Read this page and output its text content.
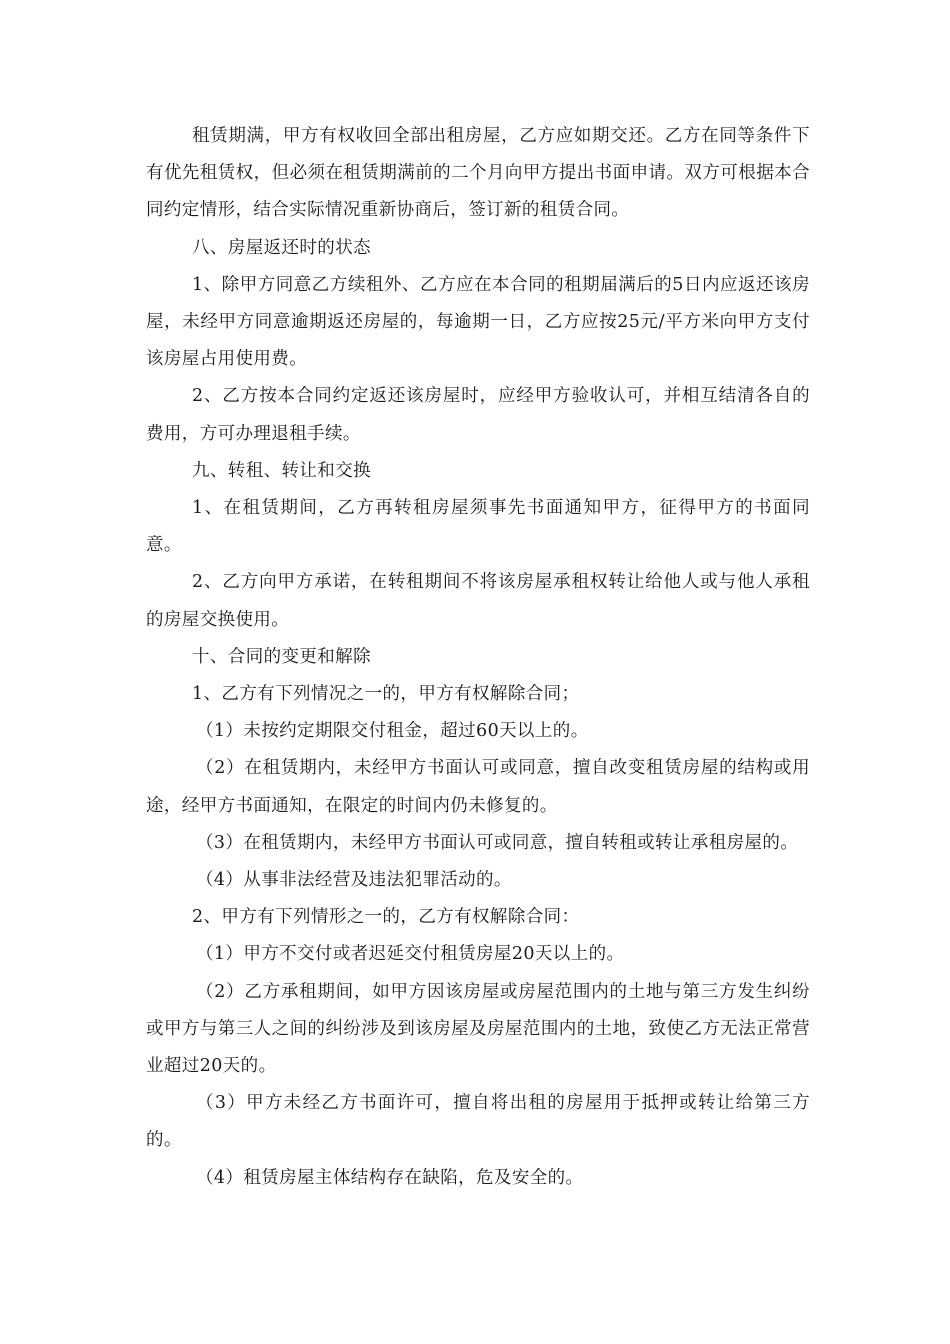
租赁期满，甲方有权收回全部出租房屋，乙方应如期交还。乙方在同等条件下有优先租赁权，但必须在租赁期满前的二个月向甲方提出书面申请。双方可根据本合同约定情形，结合实际情况重新协商后，签订新的租赁合同。

八、房屋返还时的状态

1、除甲方同意乙方续租外、乙方应在本合同的租期届满后的5日内应返还该房屋，未经甲方同意逾期返还房屋的，每逾期一日，乙方应按25元/平方米向甲方支付该房屋占用使用费。

2、乙方按本合同约定返还该房屋时，应经甲方验收认可，并相互结清各自的费用，方可办理退租手续。

九、转租、转让和交换

1、在租赁期间，乙方再转租房屋须事先书面通知甲方，征得甲方的书面同意。

2、乙方向甲方承诺，在转租期间不将该房屋承租权转让给他人或与他人承租的房屋交换使用。

十、合同的变更和解除

1、乙方有下列情况之一的，甲方有权解除合同；

（1）未按约定期限交付租金，超过60天以上的。

（2）在租赁期内，未经甲方书面认可或同意，擅自改变租赁房屋的结构或用途，经甲方书面通知，在限定的时间内仍未修复的。

（3）在租赁期内，未经甲方书面认可或同意，擅自转租或转让承租房屋的。

（4）从事非法经营及违法犯罪活动的。

2、甲方有下列情形之一的，乙方有权解除合同：

（1）甲方不交付或者迟延交付租赁房屋20天以上的。

（2）乙方承租期间，如甲方因该房屋或房屋范围内的土地与第三方发生纠纷或甲方与第三人之间的纠纷涉及到该房屋及房屋范围内的土地，致使乙方无法正常营业超过20天的。

（3）甲方未经乙方书面许可，擅自将出租的房屋用于抵押或转让给第三方的。

（4）租赁房屋主体结构存在缺陷，危及安全的。
